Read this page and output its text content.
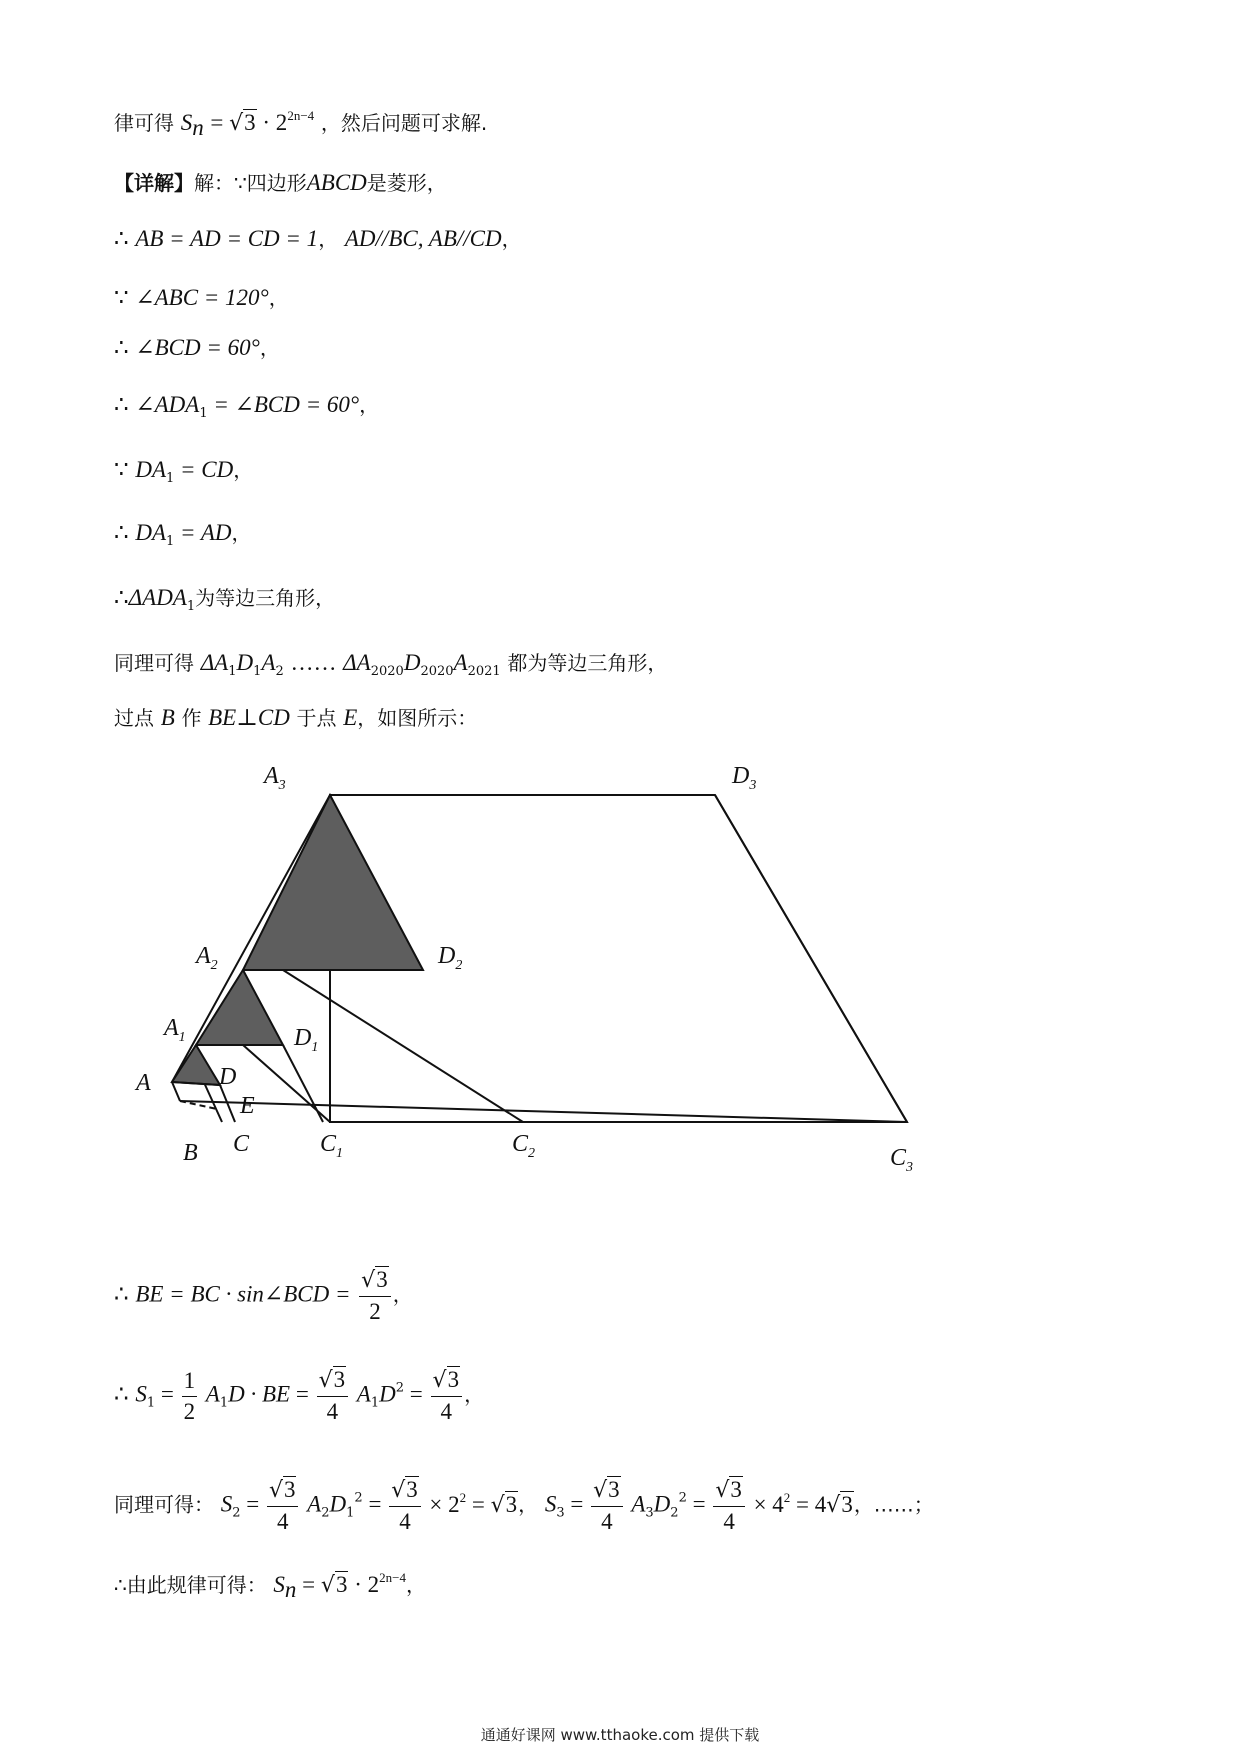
律可得 $S_n = √3 \cdot 2^{2n-4}$ ，然后问题可求解.
【详解】解：∵四边形ABCD是菱形，
∴ AB = AD = CD = 1， AD//BC, AB//CD，
∵ ∠ABC = 120°，
∴ ∠BCD = 60°，
∴ $\angle ADA_1$ = ∠BCD = 60°，
∵ $DA_1$ = CD，
∴ $DA_1$ = AD，
$\therefore\Delta ADA_1$为等边三角形，
同理可得 $\Delta A_1D_1A_2$ …… $\Delta A_{2020}D_{2020}A_{2021}$ 都为等边三角形，
过点 B 作 BE⊥CD 于点 E，如图所示：
$A_3$	$D_3$
$A_2$	$D_2$
$A_1$	$D_1$
A	D
E
B C	$C_1$	$C_2$	$C_3$
∴ BE = BC · sin∠BCD = $\frac{√3}{2}$ ，
∴ $S_1 = \frac{1}{2} A_1D$ · BE = $\frac{√3}{4} A_1D^2 = \frac{√3}{4}$ ，
同理可得： $S_2 = \frac{√3}{4} A_2D_1^2 = \frac{√3}{4} \times 2^2 = √3$， $S_3 = \frac{√3}{4} A_3D_2^2 = \frac{√3}{4} \times 4^2 = 4√3$，……；
∴由此规律可得： $S_n = √3 \cdot 2^{2n-4}$，
通通好课网 www.tthaoke.com 提供下载
